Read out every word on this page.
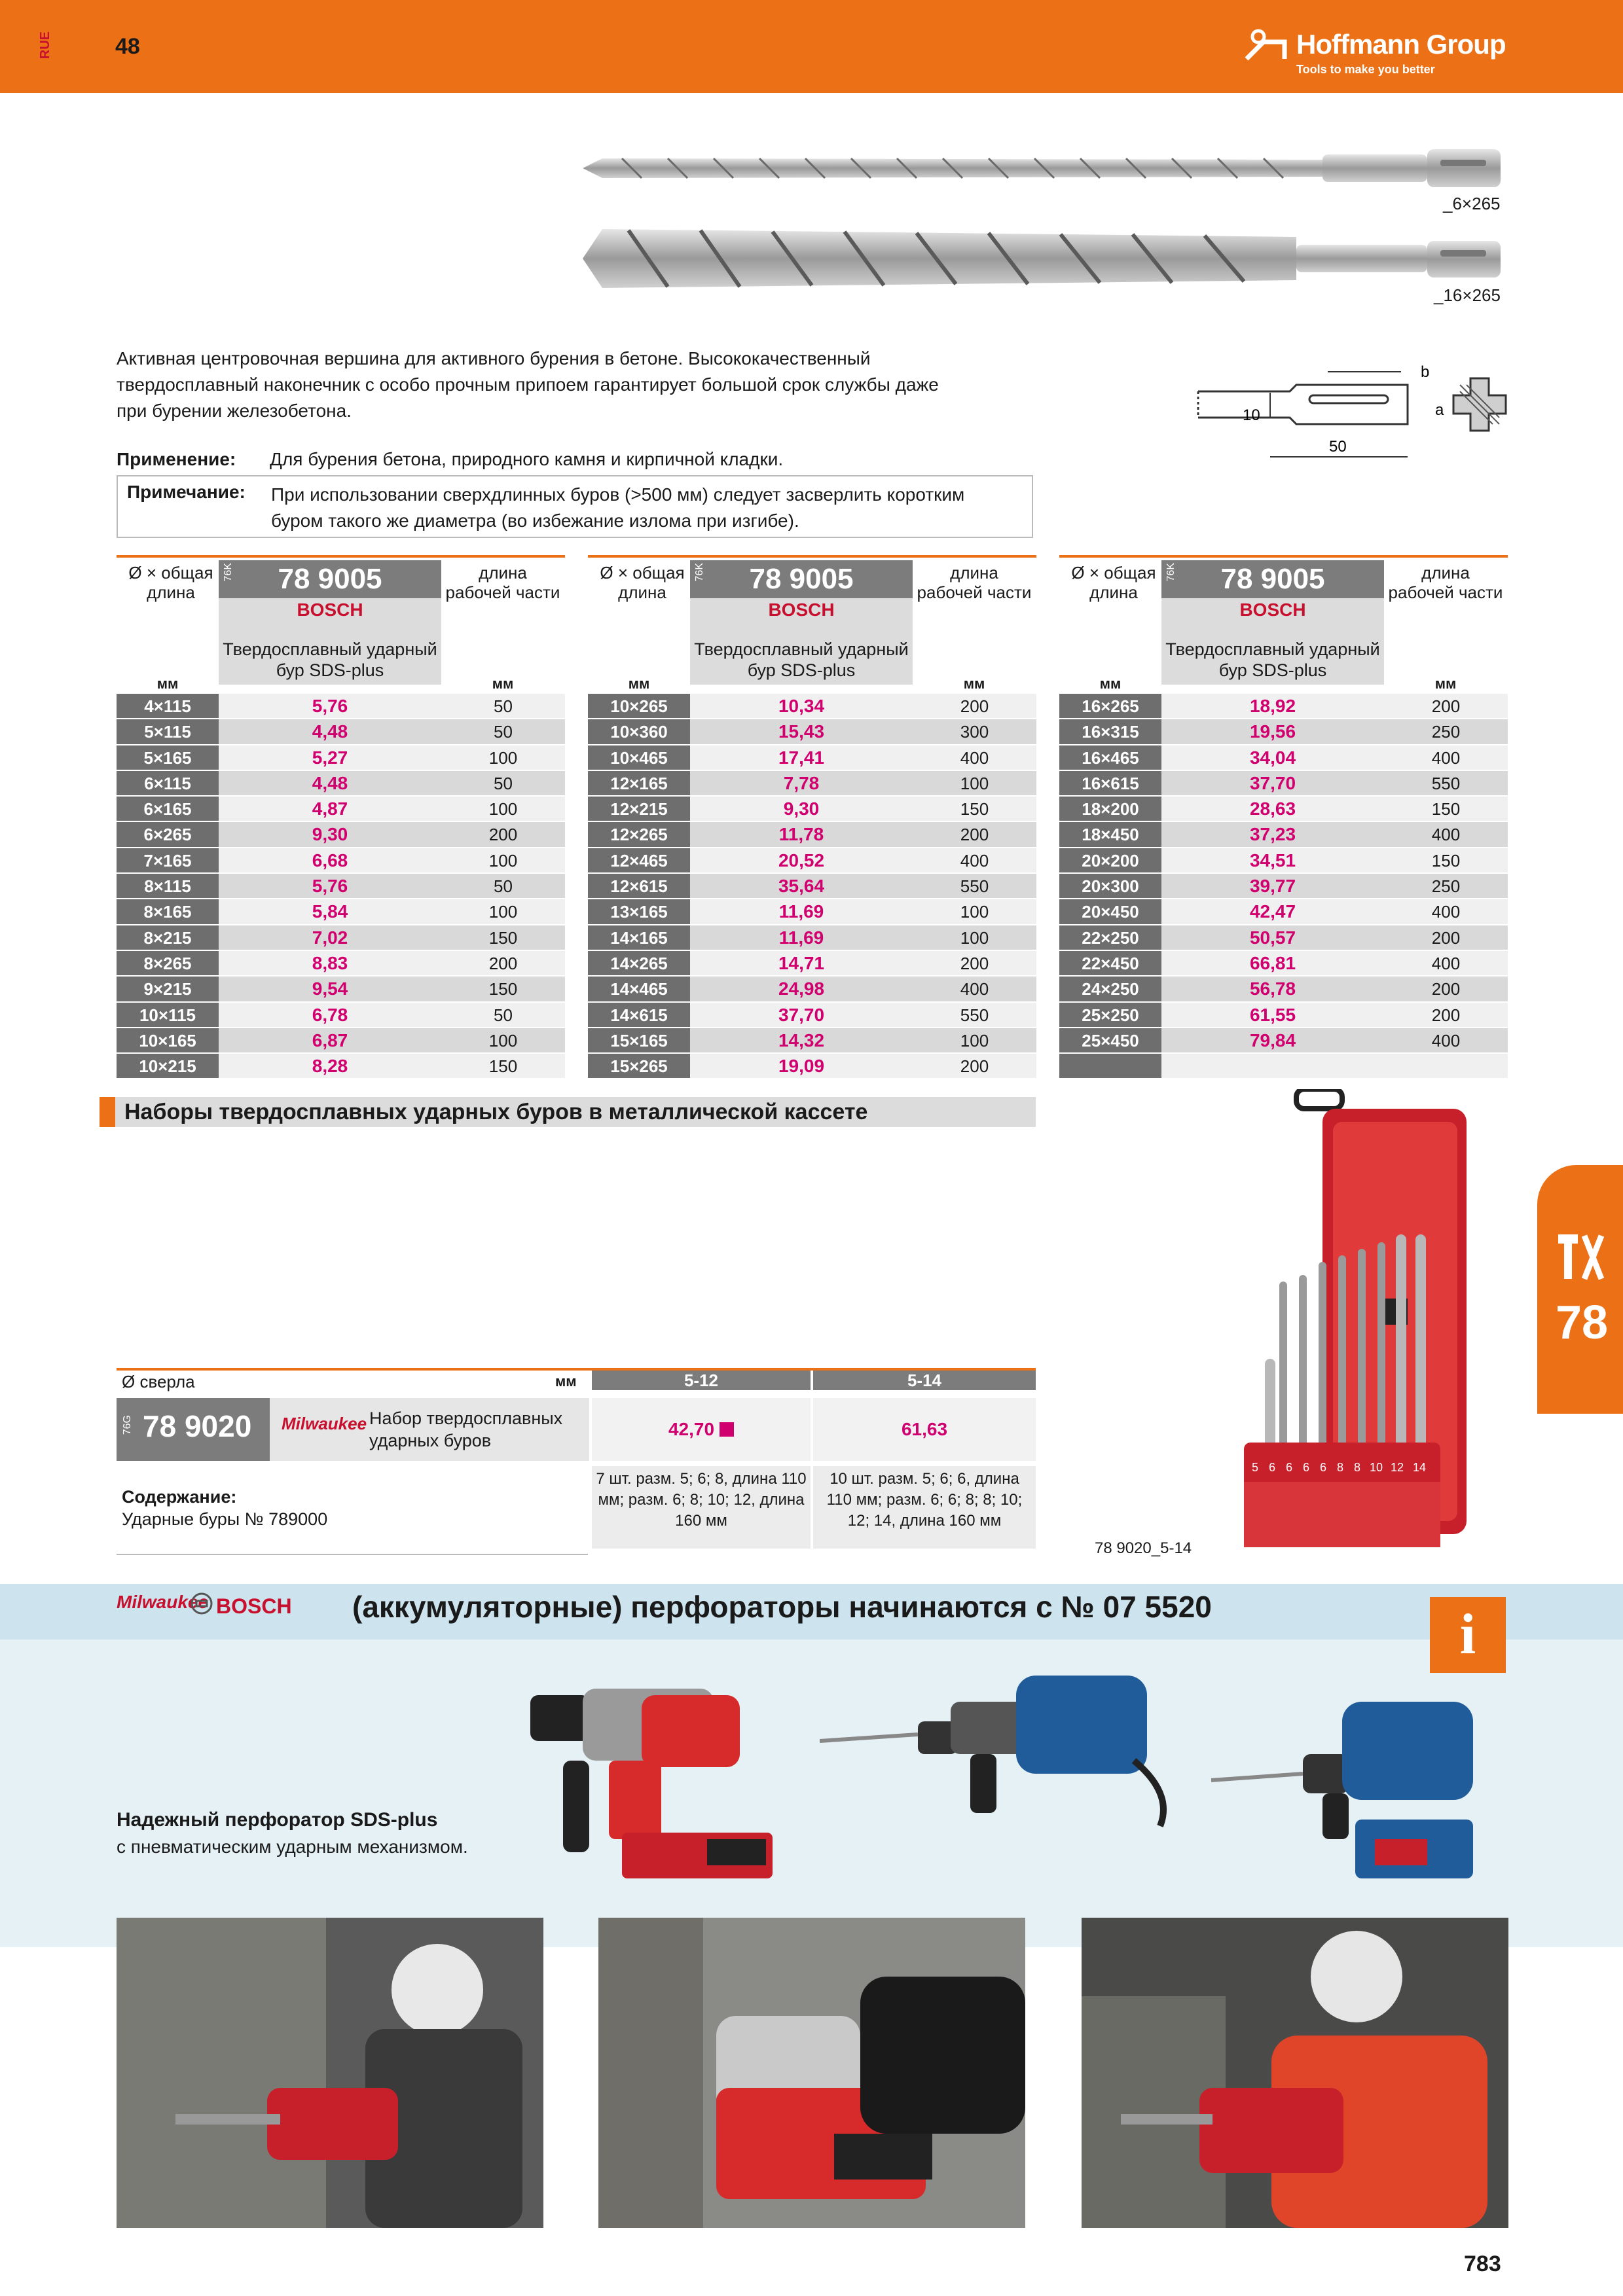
RUE	48	Hoffmann Group
Tools to make you better
_6×265
_16×265
Активная центровочная вершина для активного бурения в бетоне. Высококачественный твердосплавный наконечник с особо прочным припоем гарантирует большой срок службы даже при бурении железобетона.
Применение: Для бурения бетона, природного камня и кирпичной кладки.
Примечание: При использовании сверхдлинных буров (>500 мм) следует засверлить коротким буром такого же диаметра (во избежание излома при изгибе).
b
a
10
50
Ø × общая длина	78 9005
76K
BOSCH
Твердосплавный ударный бур SDS-plus
длина рабочей части
мм	мм
4×115	5,76	50
5×115	4,48	50
5×165	5,27	100
6×115	4,48	50
6×165	4,87	100
6×265	9,30	200
7×165	6,68	100
8×115	5,76	50
8×165	5,84	100
8×215	7,02	150
8×265	8,83	200
9×215	9,54	150
10×115	6,78	50
10×165	6,87	100
10×215	8,28	150
Ø × общая длина	78 9005
76K
BOSCH
Твердосплавный ударный бур SDS-plus
длина рабочей части
мм	мм
10×265	10,34	200
10×360	15,43	300
10×465	17,41	400
12×165	7,78	100
12×215	9,30	150
12×265	11,78	200
12×465	20,52	400
12×615	35,64	550
13×165	11,69	100
14×165	11,69	100
14×265	14,71	200
14×465	24,98	400
14×615	37,70	550
15×165	14,32	100
15×265	19,09	200
Ø × общая длина	78 9005
76K
BOSCH
Твердосплавный ударный бур SDS-plus
длина рабочей части
мм	мм
16×265	18,92	200
16×315	19,56	250
16×465	34,04	400
16×615	37,70	550
18×200	28,63	150
18×450	37,23	400
20×200	34,51	150
20×300	39,77	250
20×450	42,47	400
22×250	50,57	200
22×450	66,81	400
24×250	56,78	200
25×250	61,55	200
25×450	79,84	400
Наборы твердосплавных ударных буров в металлической кассете
Ø сверла	мм	5-12	5-14
76G 78 9020 Milwaukee Набор твердосплавных ударных буров
42,70	61,63
Содержание:
Ударные буры № 789000
7 шт. разм. 5; 6; 8, длина 110 мм; разм. 6; 8; 10; 12, длина 160 мм
10 шт. разм. 5; 6; 6, длина 110 мм; разм. 6; 6; 8; 8; 10; 12; 14, длина 160 мм
5 6 6 6 6 8 8 10 12 14
78 9020_5-14
78
Milwaukee BOSCH (аккумуляторные) перфораторы начинаются с № 07 5520	i
Надежный перфоратор SDS-plus
с пневматическим ударным механизмом.
783
